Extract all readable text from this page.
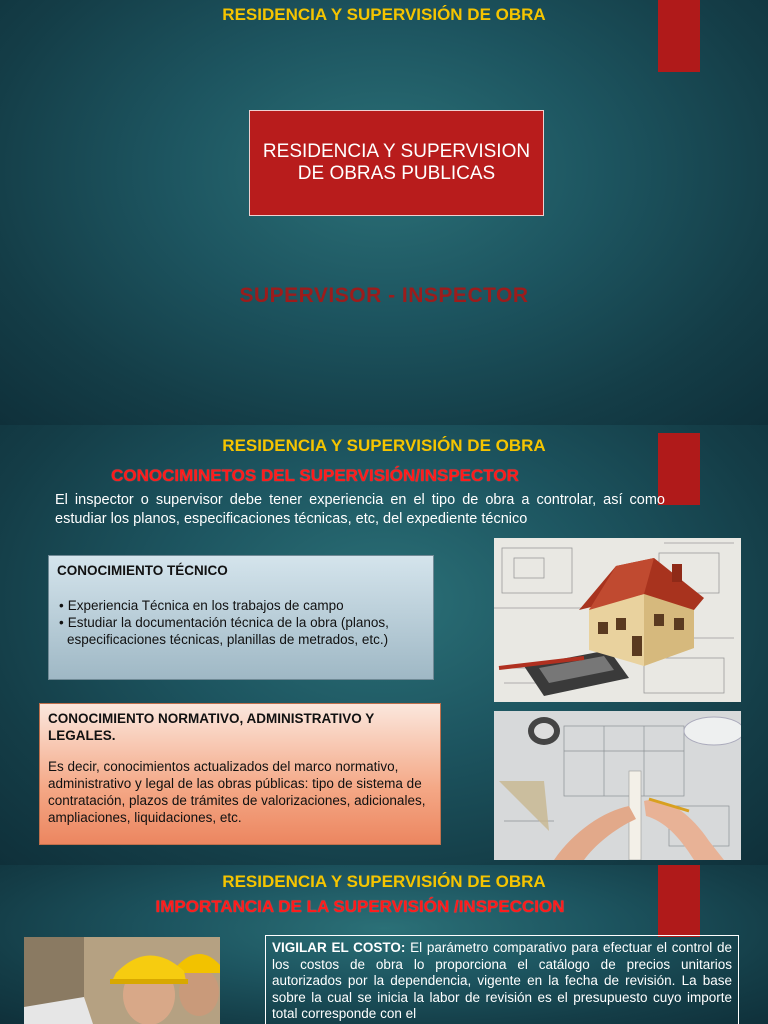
RESIDENCIA Y SUPERVISIÓN DE OBRA
RESIDENCIA Y SUPERVISION
DE OBRAS PUBLICAS
SUPERVISOR - INSPECTOR
RESIDENCIA Y SUPERVISIÓN DE OBRA
CONOCIMINETOS DEL SUPERVISIÓN/INSPECTOR
El inspector o supervisor debe tener experiencia en el tipo de obra a controlar, así como estudiar los planos, especificaciones técnicas, etc, del expediente técnico
CONOCIMIENTO TÉCNICO
• Experiencia Técnica en los trabajos de campo
• Estudiar la documentación técnica de la obra (planos, especificaciones técnicas, planillas de metrados, etc.)
CONOCIMIENTO NORMATIVO, ADMINISTRATIVO Y LEGALES.
Es decir, conocimientos actualizados del marco normativo, administrativo y legal de las obras públicas: tipo de sistema de contratación, plazos de trámites de valorizaciones, adicionales, ampliaciones, liquidaciones, etc.
RESIDENCIA Y SUPERVISIÓN DE OBRA
IMPORTANCIA DE LA SUPERVISIÓN /INSPECCION
VIGILAR EL COSTO: El parámetro comparativo para efectuar el control de los costos de obra lo proporciona el catálogo de precios unitarios autorizados por la dependencia, vigente en la fecha de revisión. La base sobre la cual se inicia la labor de revisión es el presupuesto cuyo importe total corresponde con el
